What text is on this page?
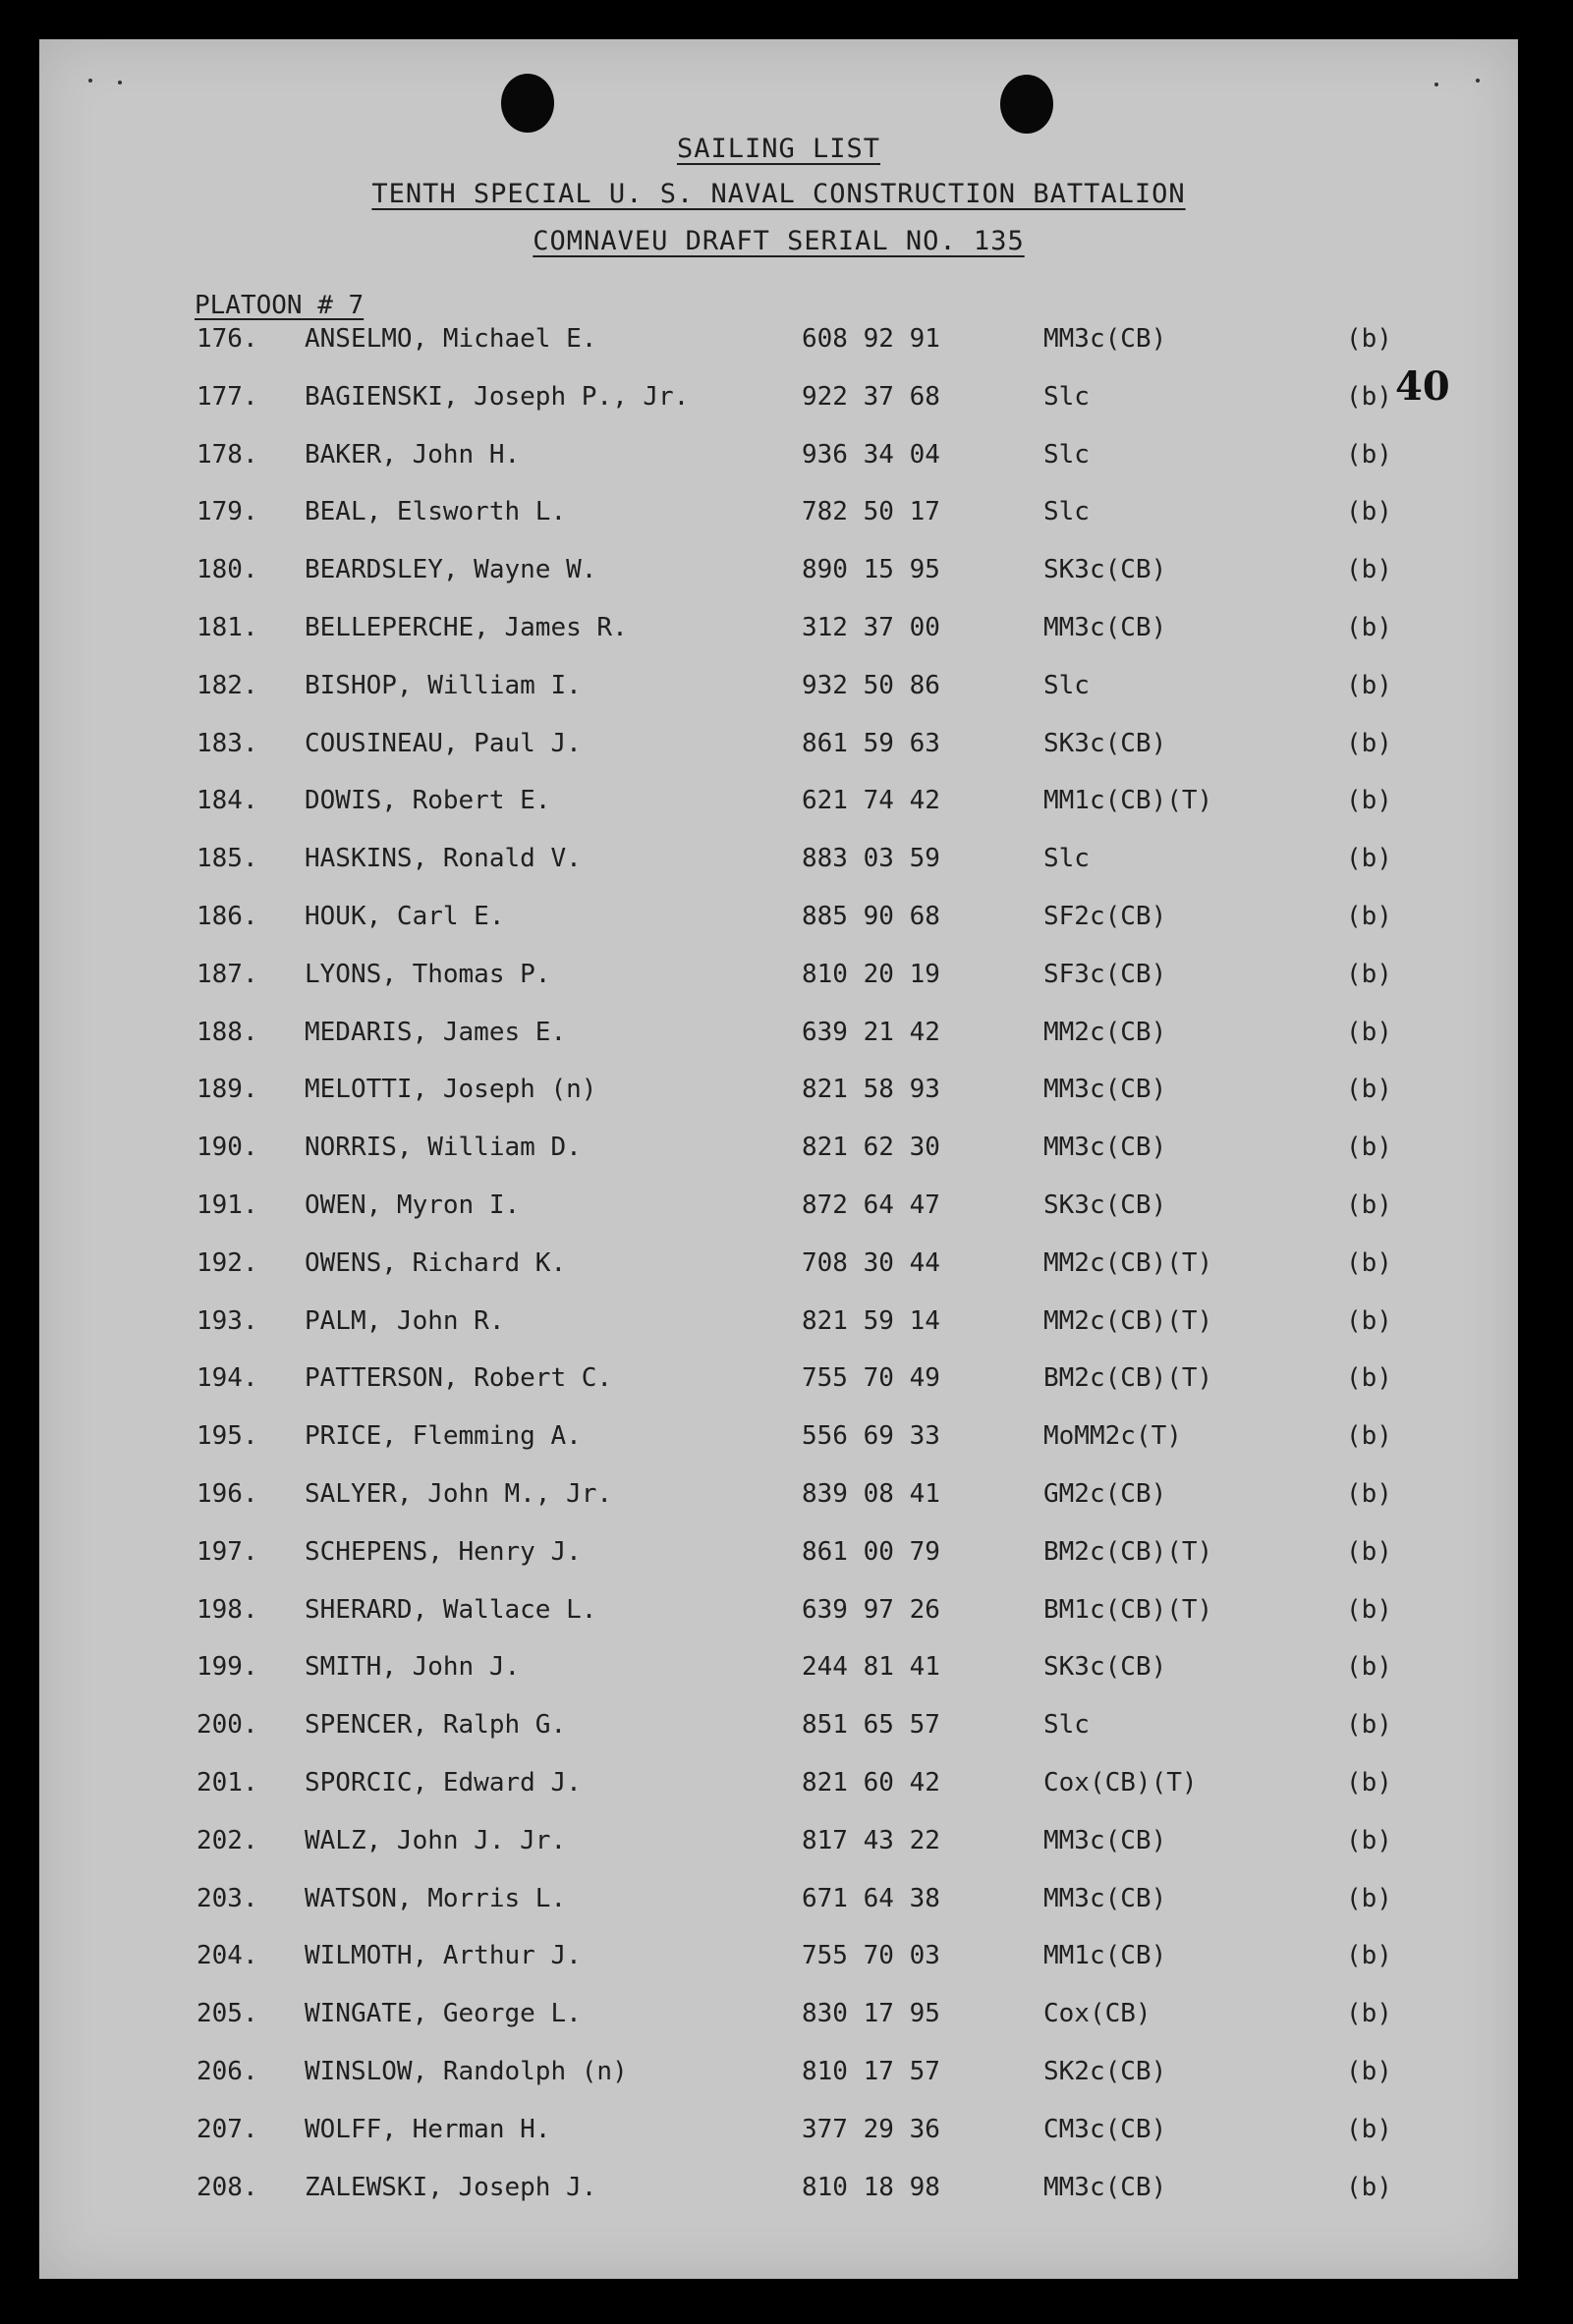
SAILING LIST
TENTH SPECIAL U. S. NAVAL CONSTRUCTION BATTALION
COMNAVEU DRAFT SERIAL NO. 135
PLATOON # 7
40
176. ANSELMO, Michael E.	608 92 91	MM3c(CB)	(b)
177. BAGIENSKI, Joseph P., Jr.	922 37 68	Slc	(b)
178. BAKER, John H.	936 34 04	Slc	(b)
179. BEAL, Elsworth L.	782 50 17	Slc	(b)
180. BEARDSLEY, Wayne W.	890 15 95	SK3c(CB)	(b)
181. BELLEPERCHE, James R.	312 37 00	MM3c(CB)	(b)
182. BISHOP, William I.	932 50 86	Slc	(b)
183. COUSINEAU, Paul J.	861 59 63	SK3c(CB)	(b)
184. DOWIS, Robert E.	621 74 42	MM1c(CB)(T)	(b)
185. HASKINS, Ronald V.	883 03 59	Slc	(b)
186. HOUK, Carl E.	885 90 68	SF2c(CB)	(b)
187. LYONS, Thomas P.	810 20 19	SF3c(CB)	(b)
188. MEDARIS, James E.	639 21 42	MM2c(CB)	(b)
189. MELOTTI, Joseph (n)	821 58 93	MM3c(CB)	(b)
190. NORRIS, William D.	821 62 30	MM3c(CB)	(b)
191. OWEN, Myron I.	872 64 47	SK3c(CB)	(b)
192. OWENS, Richard K.	708 30 44	MM2c(CB)(T)	(b)
193. PALM, John R.	821 59 14	MM2c(CB)(T)	(b)
194. PATTERSON, Robert C.	755 70 49	BM2c(CB)(T)	(b)
195. PRICE, Flemming A.	556 69 33	MoMM2c(T)	(b)
196. SALYER, John M., Jr.	839 08 41	GM2c(CB)	(b)
197. SCHEPENS, Henry J.	861 00 79	BM2c(CB)(T)	(b)
198. SHERARD, Wallace L.	639 97 26	BM1c(CB)(T)	(b)
199. SMITH, John J.	244 81 41	SK3c(CB)	(b)
200. SPENCER, Ralph G.	851 65 57	Slc	(b)
201. SPORCIC, Edward J.	821 60 42	Cox(CB)(T)	(b)
202. WALZ, John J. Jr.	817 43 22	MM3c(CB)	(b)
203. WATSON, Morris L.	671 64 38	MM3c(CB)	(b)
204. WILMOTH, Arthur J.	755 70 03	MM1c(CB)	(b)
205. WINGATE, George L.	830 17 95	Cox(CB)	(b)
206. WINSLOW, Randolph (n)	810 17 57	SK2c(CB)	(b)
207. WOLFF, Herman H.	377 29 36	CM3c(CB)	(b)
208. ZALEWSKI, Joseph J.	810 18 98	MM3c(CB)	(b)
